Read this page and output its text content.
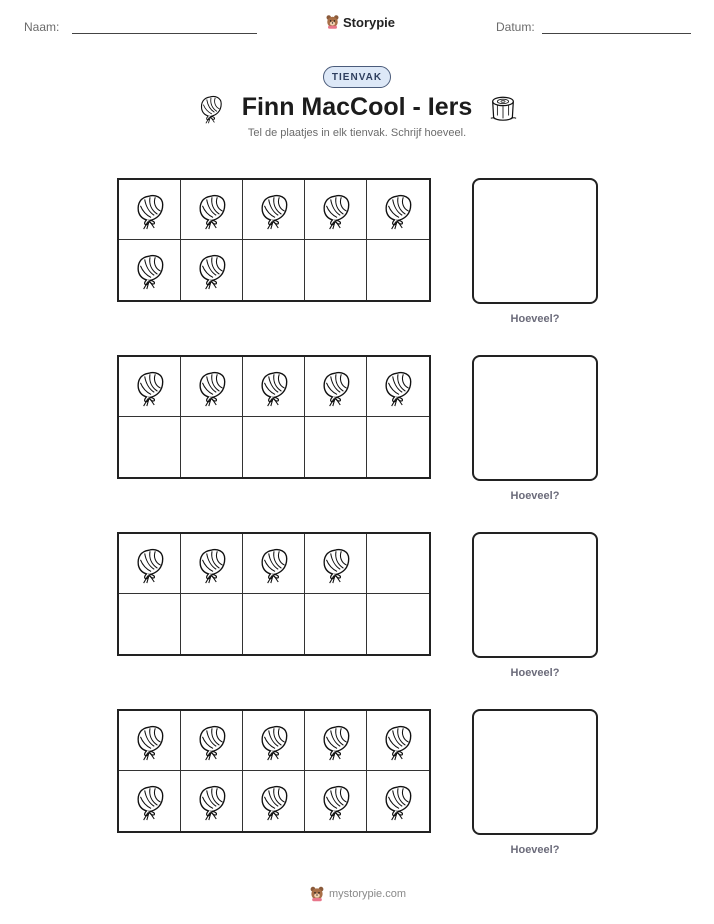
Naam:	Storypie	Datum:
TIENVAK
Finn MacCool - Iers
Tel de plaatjes in elk tienvak. Schrijf hoeveel.
Hoeveel?
Hoeveel?
Hoeveel?
Hoeveel?
mystorypie.com
